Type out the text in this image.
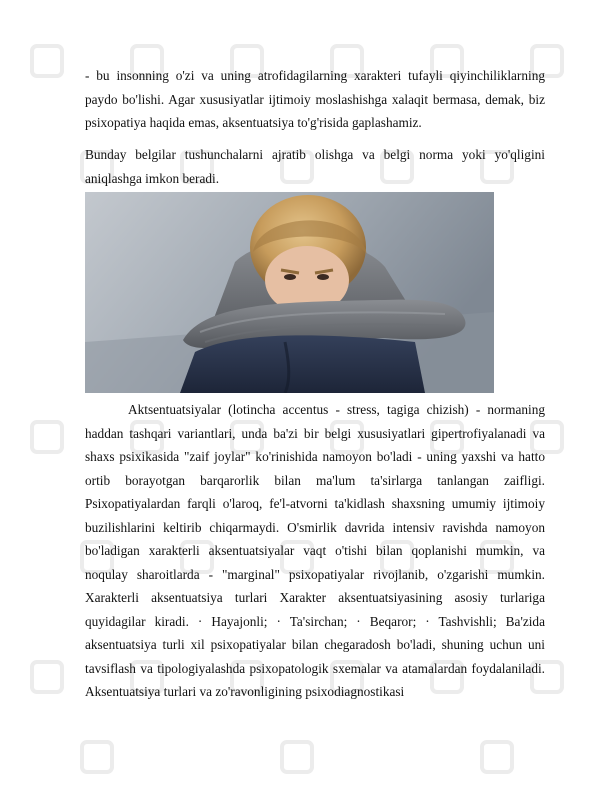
- bu insonning o'zi va uning atrofidagilarning xarakteri tufayli qiyinchiliklarning paydo bo'lishi. Agar xususiyatlar ijtimoiy moslashishga xalaqit bermasa, demak, biz psixopatiya haqida emas, aksentuatsiya to'g'risida gaplashamiz.

Bunday belgilar tushunchalarni ajratib olishga va belgi norma yoki yo'qligini aniqlashga imkon beradi.

Aktsentuatsiyalar (lotincha accentus - stress, tagiga chizish) - normaning haddan tashqari variantlari, unda ba'zi bir belgi xususiyatlari gipertrofiyalanadi va shaxs psixikasida "zaif joylar" ko'rinishida namoyon bo'ladi - uning yaxshi va hatto ortib borayotgan barqarorlik bilan ma'lum ta'sirlarga tanlangan zaifligi. Psixopatiyalardan farqli o'laroq, fe'l-atvorni ta'kidlash shaxsning umumiy ijtimoiy buzilishlarini keltirib chiqarmaydi. O'smirlik davrida intensiv ravishda namoyon bo'ladigan xarakterli aksentuatsiyalar vaqt o'tishi bilan qoplanishi mumkin, va noqulay sharoitlarda - "marginal" psixopatiyalar rivojlanib, o'zgarishi mumkin. Xarakterli aksentuatsiya turlari Xarakter aksentuatsiyasining asosiy turlariga quyidagilar kiradi. · Hayajonli; · Ta'sirchan; · Beqaror; · Tashvishli; Ba'zida aksentuatsiya turli xil psixopatiyalar bilan chegaradosh bo'ladi, shuning uchun uni tavsiflash va tipologiyalashda psixopatologik sxemalar va atamalardan foydalaniladi. Aksentuatsiya turlari va zo'ravonligining psixodiagnostikasi
